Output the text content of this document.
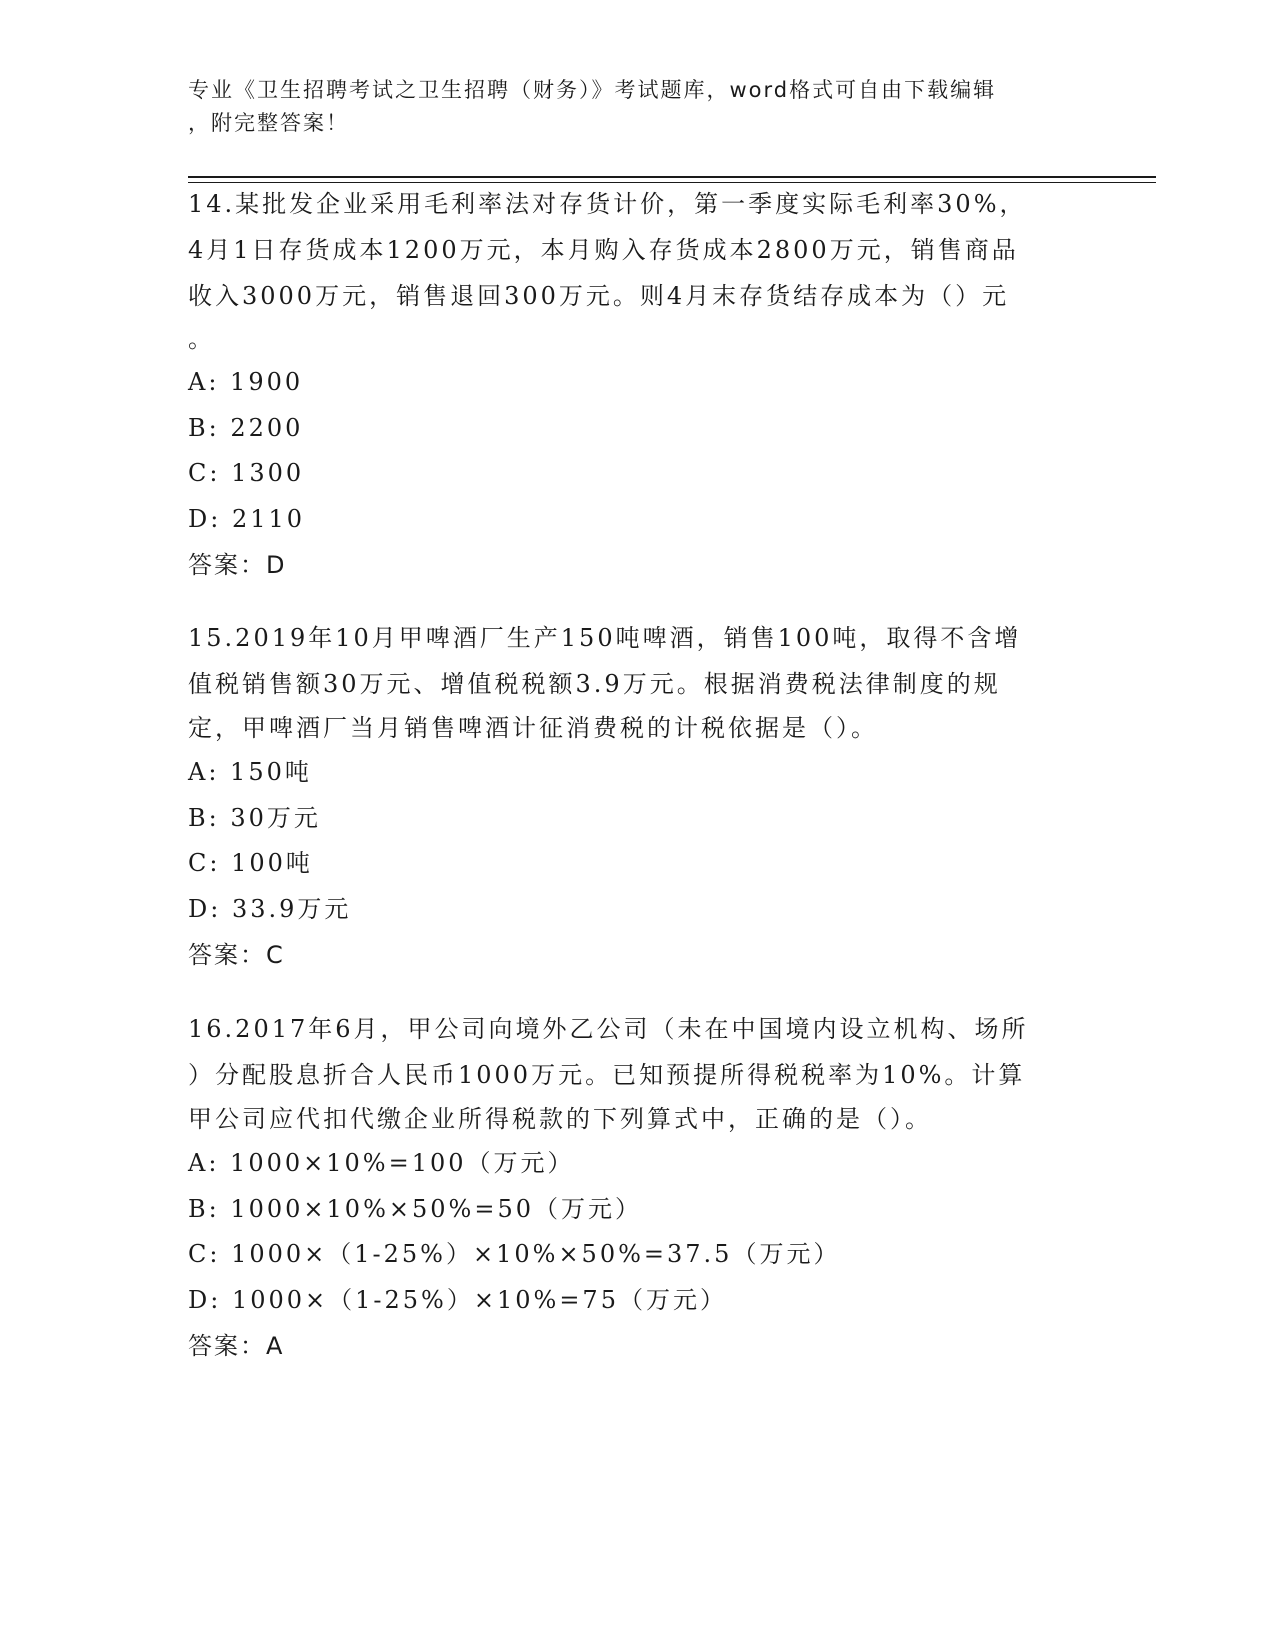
专业《卫生招聘考试之卫生招聘（财务）》考试题库，word格式可自由下载编辑
，附完整答案！
14.某批发企业采用毛利率法对存货计价，第一季度实际毛利率30%，
4月1日存货成本1200万元，本月购入存货成本2800万元，销售商品
收入3000万元，销售退回300万元。则4月末存货结存成本为（）元
。
A: 1900
B: 2200
C: 1300
D: 2110
答案：D
15.2019年10月甲啤酒厂生产150吨啤酒，销售100吨，取得不含增
值税销售额30万元、增值税税额3.9万元。根据消费税法律制度的规
定，甲啤酒厂当月销售啤酒计征消费税的计税依据是（）。
A: 150吨
B: 30万元
C: 100吨
D: 33.9万元
答案：C
16.2017年6月，甲公司向境外乙公司（未在中国境内设立机构、场所
）分配股息折合人民币1000万元。已知预提所得税税率为10%。计算
甲公司应代扣代缴企业所得税款的下列算式中，正确的是（）。
A: 1000×10%=100（万元）
B: 1000×10%×50%=50（万元）
C: 1000×（1-25%）×10%×50%=37.5（万元）
D: 1000×（1-25%）×10%=75（万元）
答案：A
